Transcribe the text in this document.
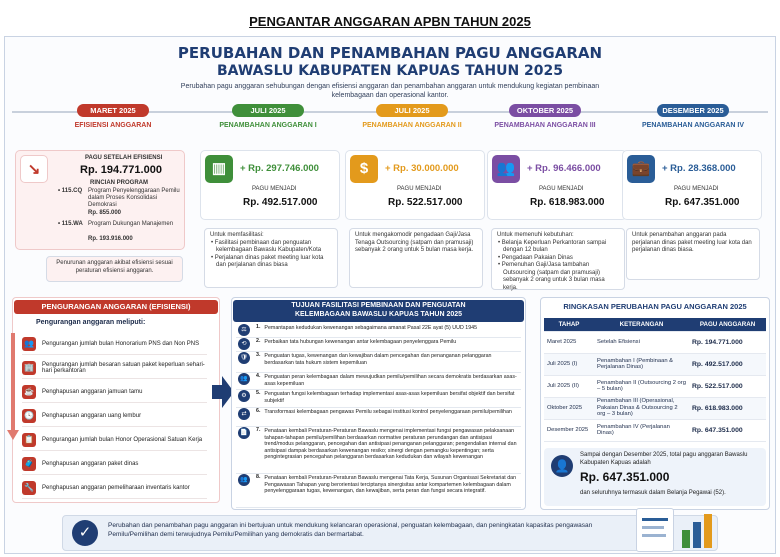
PENGANTAR ANGGARAN APBN TAHUN 2025
PERUBAHAN DAN PENAMBAHAN PAGU ANGGARAN
BAWASLU KABUPATEN KAPUAS TAHUN 2025
Perubahan pagu anggaran sehubungan dengan efisiensi anggaran dan penambahan anggaran untuk mendukung kegiatan pembinaan kelembagaan dan operasional kantor.
↘
PAGU SETELAH EFISIENSI
Rp. 194.771.000
RINCIAN PROGRAM
• 115.CQ Program Penyelenggaraan Pemilu dalam Proses Konsolidasi Demokrasi
Rp. 855.000
• 115.WA Program Dukungan Manajemen
Rp. 193.916.000
Penurunan anggaran akibat efisiensi sesuai peraturan efisiensi anggaran.
PENGURANGAN ANGGARAN (EFISIENSI)
Pengurangan anggaran meliputi:
TUJUAN FASILITASI PEMBINAAN DAN PENGUATAN
KELEMBAGAAN BAWASLU KAPUAS TAHUN 2025
RINGKASAN PERUBAHAN PAGU ANGGARAN 2025
TAHAP	KETERANGAN	PAGU ANGGARAN
Maret 2025	Setelah Efisiensi	Rp. 194.771.000
Juli 2025 (I)	Penambahan I (Pembinaan & Perjalanan Dinas)	Rp. 492.517.000
Juli 2025 (II)	Penambahan II (Outsourcing 2 org – 5 bulan)	Rp. 522.517.000
Oktober 2025	Penambahan III (Operasional, Pakaian Dinas & Outsourcing 2 org – 3 bulan)	Rp. 618.983.000
Desember 2025	Penambahan IV (Perjalanan Dinas)	Rp. 647.351.000
👤
Sampai dengan Desember 2025, total pagu anggaran Bawaslu Kabupaten Kapuas adalah
Rp. 647.351.000
dan seluruhnya termasuk dalam Belanja Pegawai (52).
✓	Perubahan dan penambahan pagu anggaran ini bertujuan untuk mendukung kelancaran operasional, penguatan kelembagaan, dan peningkatan kapasitas pengawasan Pemilu/Pemilihan demi terwujudnya Pemilu/Pemilihan yang demokratis dan bermartabat.
MARET 2025
EFISIENSI ANGGARAN
JULI 2025
PENAMBAHAN ANGGARAN I
JULI 2025
PENAMBAHAN ANGGARAN II
OKTOBER 2025
PENAMBAHAN ANGGARAN III
DESEMBER 2025
PENAMBAHAN ANGGARAN IV
▥	+ Rp. 297.746.000
PAGU MENJADI
Rp. 492.517.000
Untuk memfasilitasi:
• Fasilitasi pembinaan dan penguatan kelembagaan Bawaslu Kabupaten/Kota
• Perjalanan dinas paket meeting luar kota dan perjalanan dinas biasa
$	+ Rp. 30.000.000
PAGU MENJADI
Rp. 522.517.000
Untuk mengakomodir pengadaan Gaji/Jasa Tenaga Outsourcing (satpam dan pramusaji) sebanyak 2 orang untuk 5 bulan masa kerja.
👥	+ Rp. 96.466.000
PAGU MENJADI
Rp. 618.983.000
Untuk memenuhi kebutuhan:
• Belanja Keperluan Perkantoran sampai dengan 12 bulan
• Pengadaan Pakaian Dinas
• Pemenuhan Gaji/Jasa tambahan Outsourcing (satpam dan pramusaji) sebanyak 2 orang untuk 3 bulan masa kerja.
💼	+ Rp. 28.368.000
PAGU MENJADI
Rp. 647.351.000
Untuk penambahan anggaran pada perjalanan dinas paket meeting luar kota dan perjalanan dinas biasa.
👥	Pengurangan jumlah bulan Honorarium PNS dan Non PNS
🏢	Pengurangan jumlah besaran satuan paket keperluan sehari-hari perkantoran
☕	Penghapusan anggaran jamuan tamu
🕓	Penghapusan anggaran uang lembur
📋	Pengurangan jumlah bulan Honor Operasional Satuan Kerja
🧳	Penghapusan anggaran paket dinas
🔧	Penghapusan anggaran pemeliharaan inventaris kantor
⚖	1. Pemantapan kedudukan kewenangan sebagaimana amanat Pasal 22E ayat (5) UUD 1945
⟲	2. Perbaikan tata hubungan kewenangan antar kelembagaan penyelenggara Pemilu
🛡	3. Penguatan tugas, kewenangan dan kewajiban dalam pencegahan dan penanganan pelanggaran berdasarkan tata hukum sistem kepemiluan
👥	4. Penguatan peran kelembagaan dalam mewujudkan pemilu/pemilihan secara demokratis berdasarkan asas-asas kepemiluan
⚙	5. Penguatan fungsi kelembagaan terhadap implementasi asas-asas kepemiluan bersifat objektif dan bersifat subjektif
⇄	6. Transformasi kelembagaan pengawas Pemilu sebagai institusi kontrol penyelenggaraan pemilu/pemilihan
📄	7. Penataan kembali Peraturan-Peraturan Bawaslu mengenai implementasi fungsi pengawasan pelaksanaan tahapan-tahapan pemilu/pemilihan berdasarkan normative peraturan perundangan dan antisipasi trend/modus pelanggaran, pencegahan dan antisipasi penanganan pelanggaran; pengendalian internal dan antisipasi dampak berdasarkan kewenangan resiko; sinergi dengan pemangku kepentingan; serta pengintegrasian pencegahan pelanggaran berdasarkan kedudukan dan wilayah kewenangan
👥	8. Penataan kembali Peraturan-Peraturan Bawaslu mengenai Tata Kerja, Susunan Organisasi Sekretariat dan Pengawasan Tahapan yang berorientasi terciptanya sinergisitas antar kompartemen kelembagaan dalam penyelenggaraan tugas, kewenangan, dan kewajiban, serta peran dan fungsi secara integratif.
